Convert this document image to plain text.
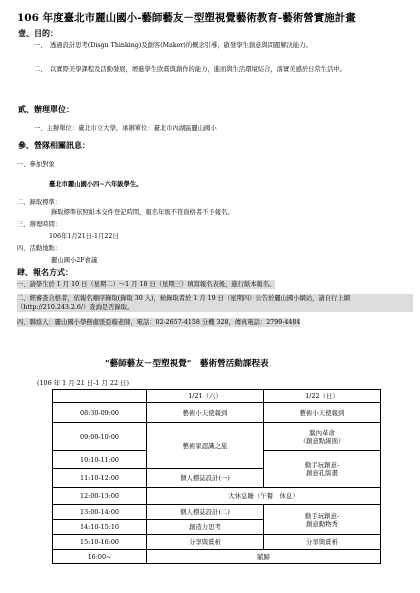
106 年度臺北市麗山國小-藝師藝友－型塑視覺藝術教育-藝術營實施計畫
壹、目的：
一、 透過設計思考(Disgn Thinking)及創客(Maker)的概念引導，啟發學生創意與問題解決能力。
二、 以實際美學課程及活動發展，增進學生欣賞與創作的能力，進而與生活環境結合，落實美感於日常生活中。
貳、辦理單位：
一、主辦單位：臺北市立大學，承辦單位：臺北市內湖區麗山國小
參、營隊相關訊息：
一、參加對象
臺北市麗山國小四~六年級學生。
二、錄取標準：
錄取標準依照紙本交件登記時間，報名年級不符資格者不予報名。
三、辦理時間：
106年1月21日-1月22日
四、活動地點：
麗山國小2F會議
肆、報名方式：
一、請學生於 1 月 10 日（星期二）～1 月 18 日（星期三）填寫報名表後，進行紙本報名。
二、經審查合格者，依報名順序錄取(錄取 30 人)，候錄取者於 1 月 19 日（星期四）公告於麗山國小網站，請自行上網（http://210.243.2.6/）查詢是否錄取。
四、聯絡人：麗山國小學務處張亞璇老師，電話：02-2657-4158 分機 328，傳真電話：2799-4484
"藝師藝友－型塑視覺"　藝術營活動課程表
(106 年 1 月 21 日-1 月 22 日)
	1/21（六）	1/22（日）
08:30-09:00	藝術小天使報到	藝術小天使報到
09:00-10:00	藝術家認識之旅	腦內革命
（創意點線面）
10:10-11:00		動手玩創意-
創意孔版畫
11:10-12:00	個人標誌設計(一)	
12:00-13:00	大休息睡（午餐　休息）	
13:00-14:00	個人標誌設計(二)	動手玩創意-
創意動物秀
14:10-15:10	創造力思考	
15:10-16:00	分享與賞析	分享與賞析
16:00~	賦歸	
